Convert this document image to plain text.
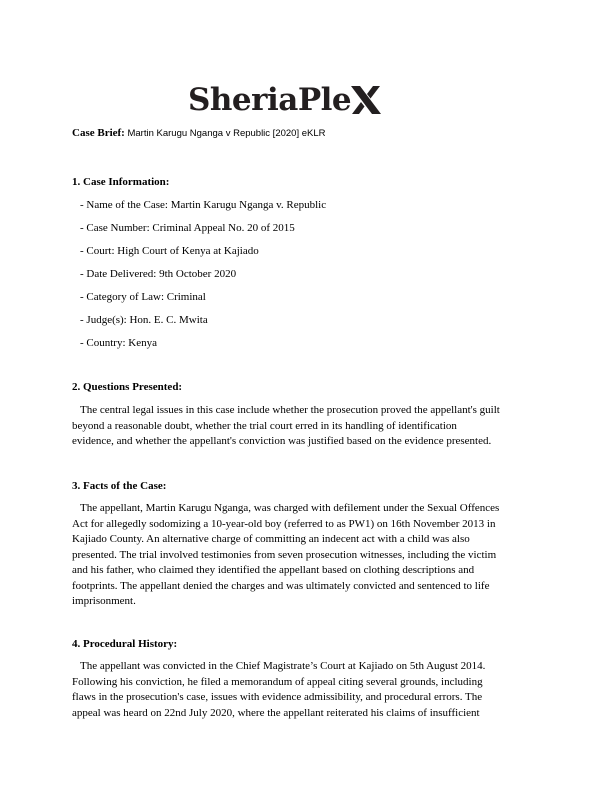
SheriaPle
Case Brief: Martin Karugu Nganga v Republic [2020] eKLR
1. Case Information:
- Name of the Case: Martin Karugu Nganga v. Republic
- Case Number: Criminal Appeal No. 20 of 2015
- Court: High Court of Kenya at Kajiado
- Date Delivered: 9th October 2020
- Category of Law: Criminal
- Judge(s): Hon. E. C. Mwita
- Country: Kenya
2. Questions Presented:
The central legal issues in this case include whether the prosecution proved the appellant's guilt
beyond a reasonable doubt, whether the trial court erred in its handling of identification
evidence, and whether the appellant's conviction was justified based on the evidence presented.
3. Facts of the Case:
The appellant, Martin Karugu Nganga, was charged with defilement under the Sexual Offences
Act for allegedly sodomizing a 10-year-old boy (referred to as PW1) on 16th November 2013 in
Kajiado County. An alternative charge of committing an indecent act with a child was also
presented. The trial involved testimonies from seven prosecution witnesses, including the victim
and his father, who claimed they identified the appellant based on clothing descriptions and
footprints. The appellant denied the charges and was ultimately convicted and sentenced to life
imprisonment.
4. Procedural History:
The appellant was convicted in the Chief Magistrate’s Court at Kajiado on 5th August 2014.
Following his conviction, he filed a memorandum of appeal citing several grounds, including
flaws in the prosecution's case, issues with evidence admissibility, and procedural errors. The
appeal was heard on 22nd July 2020, where the appellant reiterated his claims of insufficient
